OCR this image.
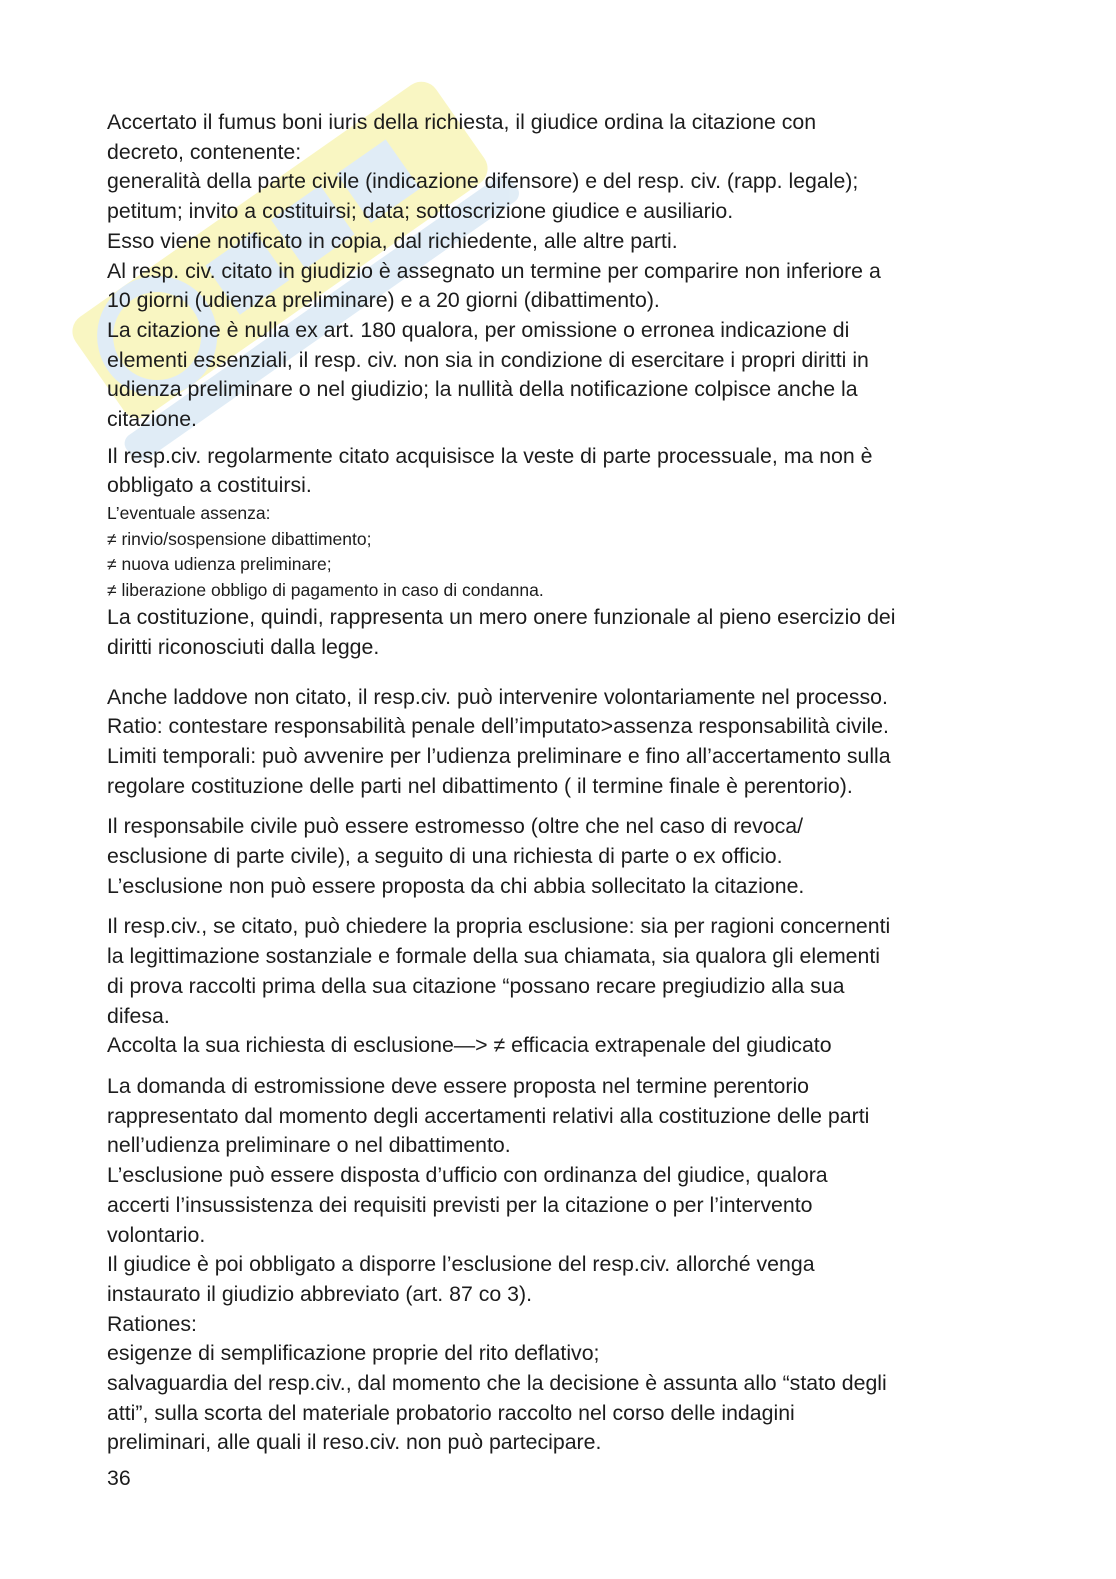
Accertato il fumus boni iuris della richiesta, il giudice ordina la citazione con
decreto, contenente:
generalità della parte civile (indicazione difensore) e del resp. civ. (rapp. legale);
petitum; invito a costituirsi; data; sottoscrizione giudice e ausiliario.
Esso viene notificato in copia, dal richiedente, alle altre parti.
Al resp. civ. citato in giudizio è assegnato un termine per comparire non inferiore a
10 giorni (udienza preliminare) e a 20 giorni (dibattimento).
La citazione è nulla ex art. 180 qualora, per omissione o erronea indicazione di
elementi essenziali, il resp. civ. non sia in condizione di esercitare i propri diritti in
udienza preliminare o nel giudizio; la nullità della notificazione colpisce anche la
citazione.

Il resp.civ. regolarmente citato acquisisce la veste di parte processuale, ma non è
obbligato a costituirsi.

L’eventuale assenza:
≠ rinvio/sospensione dibattimento;
≠ nuova udienza preliminare;
≠ liberazione obbligo di pagamento in caso di condanna.

La costituzione, quindi, rappresenta un mero onere funzionale al pieno esercizio dei
diritti riconosciuti dalla legge.

Anche laddove non citato, il resp.civ. può intervenire volontariamente nel processo.
Ratio: contestare responsabilità penale dell’imputato>assenza responsabilità civile.
Limiti temporali: può avvenire per l’udienza preliminare e fino all’accertamento sulla
regolare costituzione delle parti nel dibattimento ( il termine finale è perentorio).

Il responsabile civile può essere estromesso (oltre che nel caso di revoca/
esclusione di parte civile), a seguito di una richiesta di parte o ex officio.
L’esclusione non può essere proposta da chi abbia sollecitato la citazione.

Il resp.civ., se citato, può chiedere la propria esclusione: sia per ragioni concernenti
la legittimazione sostanziale e formale della sua chiamata, sia qualora gli elementi
di prova raccolti prima della sua citazione “possano recare pregiudizio alla sua
difesa.
Accolta la sua richiesta di esclusione—> ≠ efficacia extrapenale del giudicato

La domanda di estromissione deve essere proposta nel termine perentorio
rappresentato dal momento degli accertamenti relativi alla costituzione delle parti
nell’udienza preliminare o nel dibattimento.
L’esclusione può essere disposta d’ufficio con ordinanza del giudice, qualora
accerti l’insussistenza dei requisiti previsti per la citazione o per l’intervento
volontario.
Il giudice è poi obbligato a disporre l’esclusione del resp.civ. allorché venga
instaurato il giudizio abbreviato (art. 87 co 3).
Rationes:
esigenze di semplificazione proprie del rito deflativo;
salvaguardia del resp.civ., dal momento che la decisione è assunta allo “stato degli
atti”, sulla scorta del materiale probatorio raccolto nel corso delle indagini
preliminari, alle quali il reso.civ. non può partecipare.

36
